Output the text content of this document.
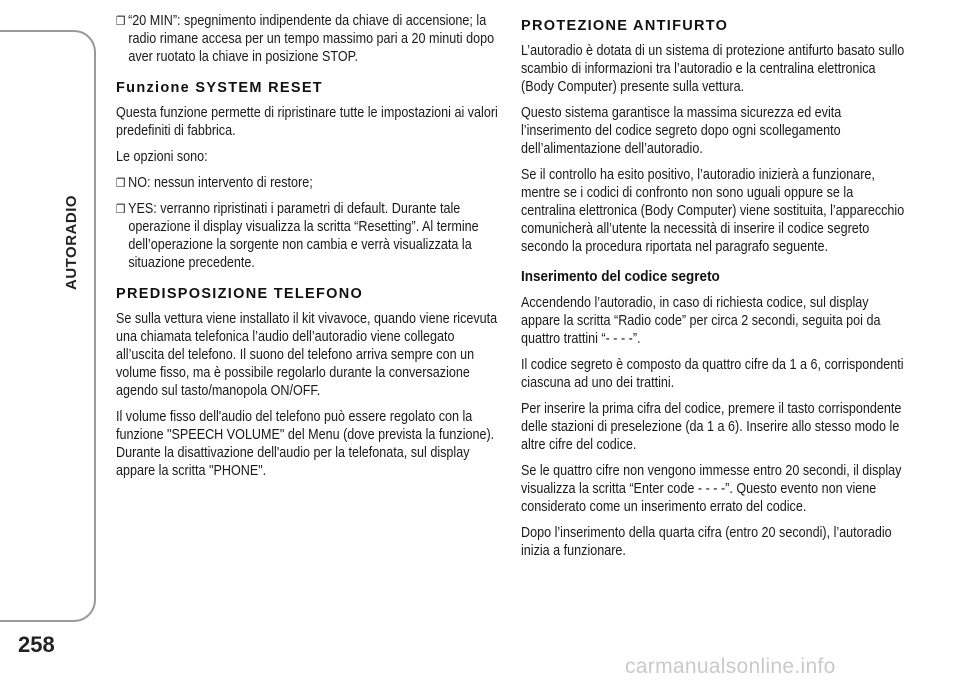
AUTORADIO
258

❒ “20 MIN”: spegnimento indipendente da chiave di accensione; la radio rimane accesa per un tempo massimo pari a 20 minuti dopo aver ruotato la chiave in posizione STOP.

Funzione SYSTEM RESET

Questa funzione permette di ripristinare tutte le impostazioni ai valori predefiniti di fabbrica.

Le opzioni sono:

❒ NO: nessun intervento di restore;

❒ YES: verranno ripristinati i parametri di default. Durante tale operazione il display visualizza la scritta “Resetting”. Al termine dell’operazione la sorgente non cambia e verrà visualizzata la situazione precedente.

PREDISPOSIZIONE TELEFONO

Se sulla vettura viene installato il kit vivavoce, quando viene ricevuta una chiamata telefonica l’audio dell’autoradio viene collegato all’uscita del telefono. Il suono del telefono arriva sempre con un volume fisso, ma è possibile regolarlo durante la conversazione agendo sul tasto/manopola ON/OFF.

Il volume fisso dell'audio del telefono può essere regolato con la funzione "SPEECH VOLUME" del Menu (dove prevista la funzione). Durante la disattivazione dell'audio per la telefonata, sul display appare la scritta "PHONE".

PROTEZIONE ANTIFURTO

L’autoradio è dotata di un sistema di protezione antifurto basato sullo scambio di informazioni tra l’autoradio e la centralina elettronica (Body Computer) presente sulla vettura.

Questo sistema garantisce la massima sicurezza ed evita l’inserimento del codice segreto dopo ogni scollegamento dell’alimentazione dell’autoradio.

Se il controllo ha esito positivo, l’autoradio inizierà a funzionare, mentre se i codici di confronto non sono uguali oppure se la centralina elettronica (Body Computer) viene sostituita, l’apparecchio comunicherà all’utente la necessità di inserire il codice segreto secondo la procedura riportata nel paragrafo seguente.

Inserimento del codice segreto

Accendendo l’autoradio, in caso di richiesta codice, sul display appare la scritta “Radio code” per circa 2 secondi, seguita poi da quattro trattini “- - - -”.

Il codice segreto è composto da quattro cifre da 1 a 6, corrispondenti ciascuna ad uno dei trattini.

Per inserire la prima cifra del codice, premere il tasto corrispondente delle stazioni di preselezione (da 1 a 6). Inserire allo stesso modo le altre cifre del codice.

Se le quattro cifre non vengono immesse entro 20 secondi, il display visualizza la scritta “Enter code - - - -”. Questo evento non viene considerato come un inserimento errato del codice.

Dopo l’inserimento della quarta cifra (entro 20 secondi), l’autoradio inizia a funzionare.

carmanualsonline.info
